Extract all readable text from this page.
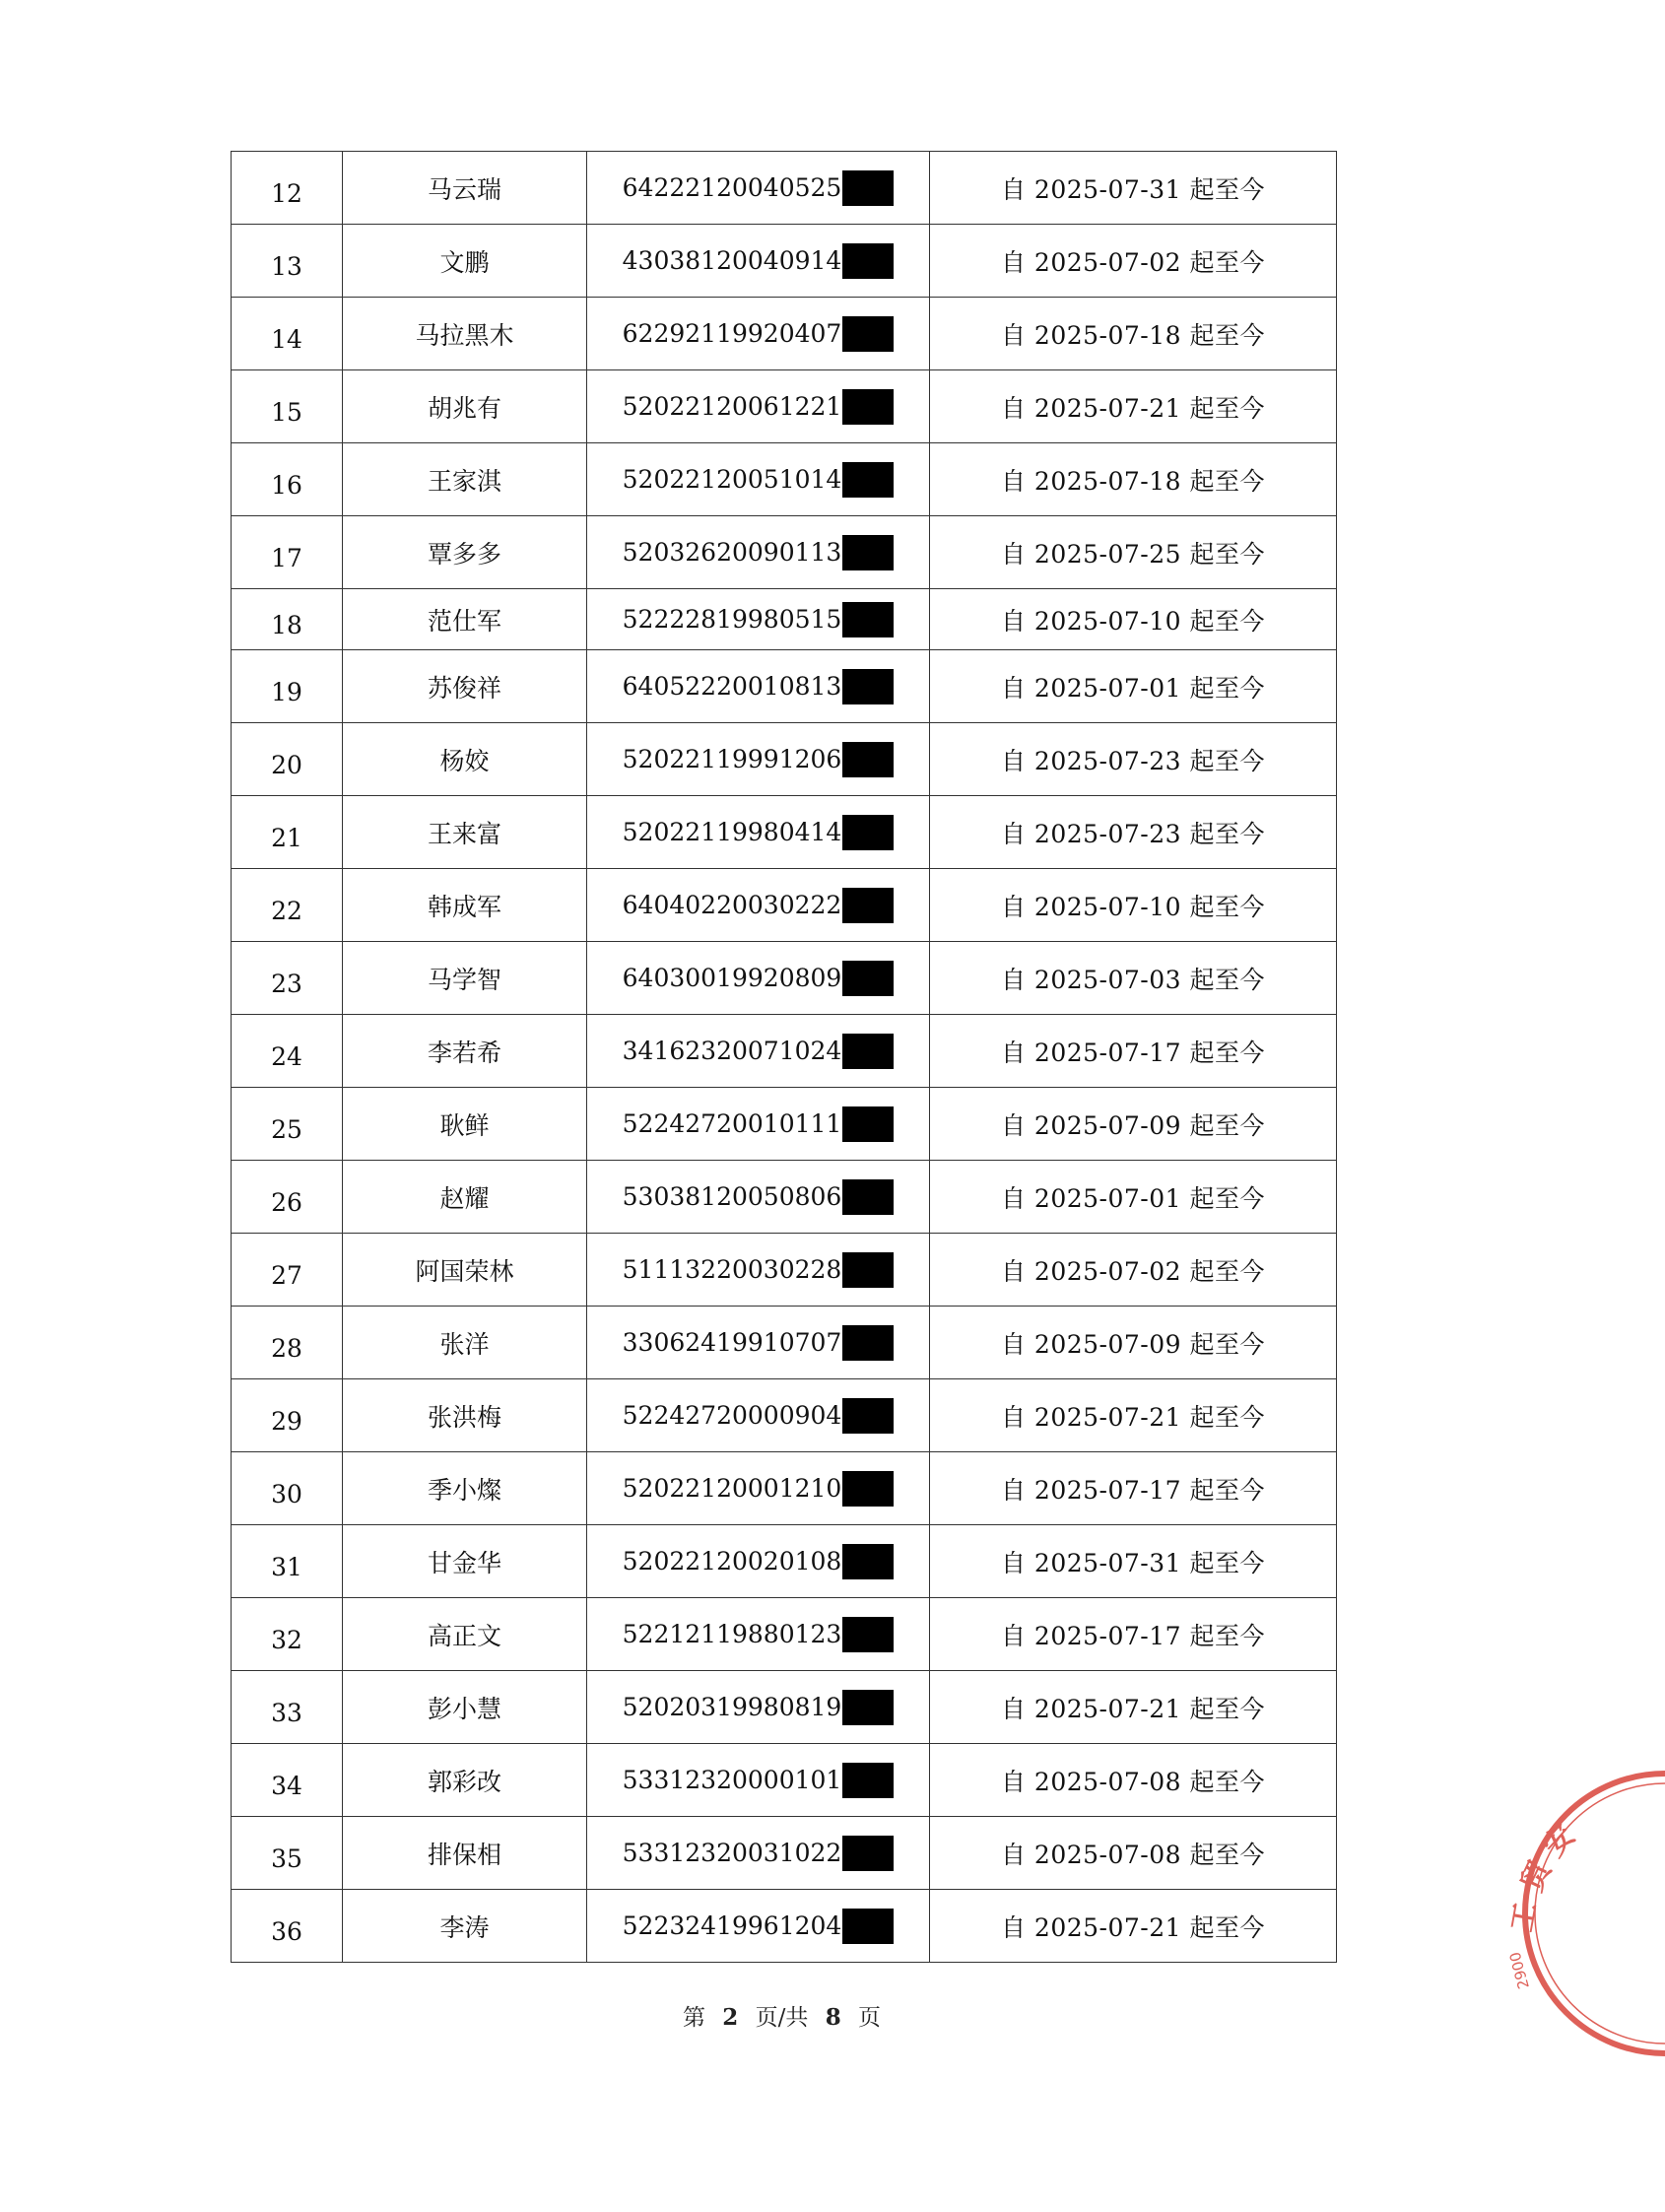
12	马云瑞	64222120040525	自 2025-07-31 起至今
13	文鹏	43038120040914	自 2025-07-02 起至今
14	马拉黑木	62292119920407	自 2025-07-18 起至今
15	胡兆有	52022120061221	自 2025-07-21 起至今
16	王家淇	52022120051014	自 2025-07-18 起至今
17	覃多多	52032620090113	自 2025-07-25 起至今
18	范仕军	52222819980515	自 2025-07-10 起至今
19	苏俊祥	64052220010813	自 2025-07-01 起至今
20	杨姣	52022119991206	自 2025-07-23 起至今
21	王来富	52022119980414	自 2025-07-23 起至今
22	韩成军	64040220030222	自 2025-07-10 起至今
23	马学智	64030019920809	自 2025-07-03 起至今
24	李若希	34162320071024	自 2025-07-17 起至今
25	耿鲜	52242720010111	自 2025-07-09 起至今
26	赵耀	53038120050806	自 2025-07-01 起至今
27	阿国荣林	51113220030228	自 2025-07-02 起至今
28	张洋	33062419910707	自 2025-07-09 起至今
29	张洪梅	52242720000904	自 2025-07-21 起至今
30	季小燦	52022120001210	自 2025-07-17 起至今
31	甘金华	52022120020108	自 2025-07-31 起至今
32	高正文	52212119880123	自 2025-07-17 起至今
33	彭小慧	52020319980819	自 2025-07-21 起至今
34	郭彩改	53312320000101	自 2025-07-08 起至今
35	排保相	53312320031022	自 2025-07-08 起至今
36	李涛	52232419961204	自 2025-07-21 起至今
第 2 页/共 8 页
工
贸
安
2900
